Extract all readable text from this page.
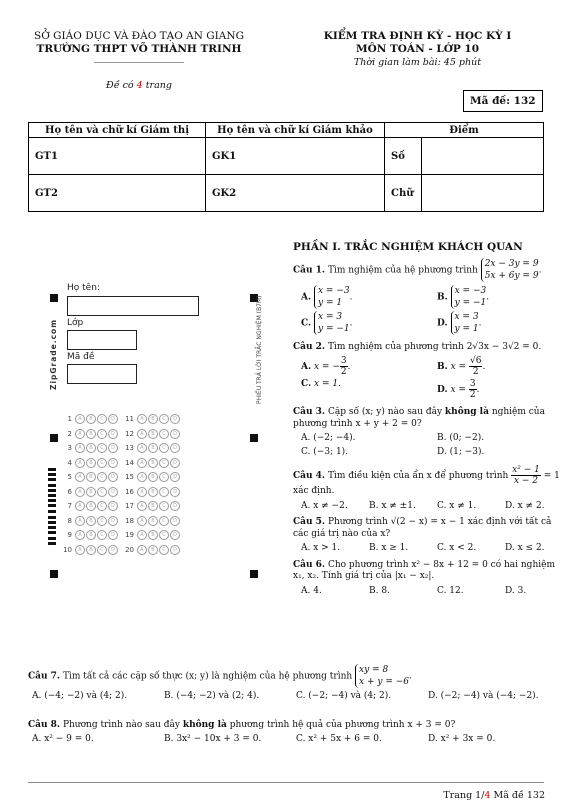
SỞ GIÁO DỤC VÀ ĐÀO TẠO AN GIANG
TRƯỜNG THPT VÕ THÀNH TRINH
Đề có 4 trang
KIỂM TRA ĐỊNH KỲ - HỌC KỲ I
MÔN TOÁN - LỚP 10
Thời gian làm bài: 45 phút
Mã đề: 132
Họ tên và chữ kí Giám thị	Họ tên và chữ kí Giám khảo	Điểm	
GT1	GK1	Số	
GT2	GK2	Chữ	
Họ tên:
Lớp
Mã đề
ZipGrade.com	PHIẾU TRẢ LỜI TRẮC NGHIỆM (B7M)
1 A B C D 11 A B C D
2 A B C D 12 A B C D
3 A B C D 13 A B C D
4 A B C D 14 A B C D
5 A B C D 15 A B C D
6 A B C D 16 A B C D
7 A B C D 17 A B C D
8 A B C D 18 A B C D
9 A B C D 19 A B C D
10 A B C D 20 A B C D
PHẦN I. TRẮC NGHIỆM KHÁCH QUAN
Câu 1. Tìm nghiệm của hệ phương trình 2x − 3y = 9
5x + 6y = 9.
A. x = −3
y = 1.	B. x = −3
y = −1.
C. x = 3
y = −1.	D. x = 3
y = 1.
Câu 2. Tìm nghiệm của phương trình 2√3x − 3√2 = 0.
A. x = − $\frac{3}{2}$ .	B. $x = \frac{√6}{2}$ .
C. x = 1.
D. $x = \frac{3}{2}$ .
Câu 3. Cặp số (x; y) nào sau đây không là nghiệm của phương trình x + y + 2 = 0?
A. (−2; −4).	B. (0; −2).
C. (−3; 1).	D. (1; −3).
Câu 4. Tìm điều kiện của ẩn x để phương trình $\frac{\text{x² − 1}}{x - 2} = 1$ xác định.
A. x ≠ −2.	B. x ≠ ±1.	C. x ≠ 1.	D. x ≠ 2.
Câu 5. Phương trình √(2 − x) = x − 1 xác định với tất cả các giá trị nào của x?
A. x > 1.	B. x ≥ 1.	C. x < 2.	D. x ≤ 2.
Câu 6. Cho phương trình x² − 8x + 12 = 0 có hai nghiệm x₁, x₂. Tính giá trị của |x₁ − x₂|.
A. 4.	B. 8.	C. 12.	D. 3.
Câu 7. Tìm tất cả các cặp số thực (x; y) là nghiệm của hệ phương trình xy = 8
x + y = −6.
A. (−4; −2) và (4; 2).	B. (−4; −2) và (2; 4).	C. (−2; −4) và (4; 2).	D. (−2; −4) và (−4; −2).
Câu 8. Phương trình nào sau đây không là phương trình hệ quả của phương trình x + 3 = 0?
A. x² − 9 = 0.	B. 3x² − 10x + 3 = 0.	C. x² + 5x + 6 = 0.	D. x² + 3x = 0.
Trang 1/4 Mã đề 132
